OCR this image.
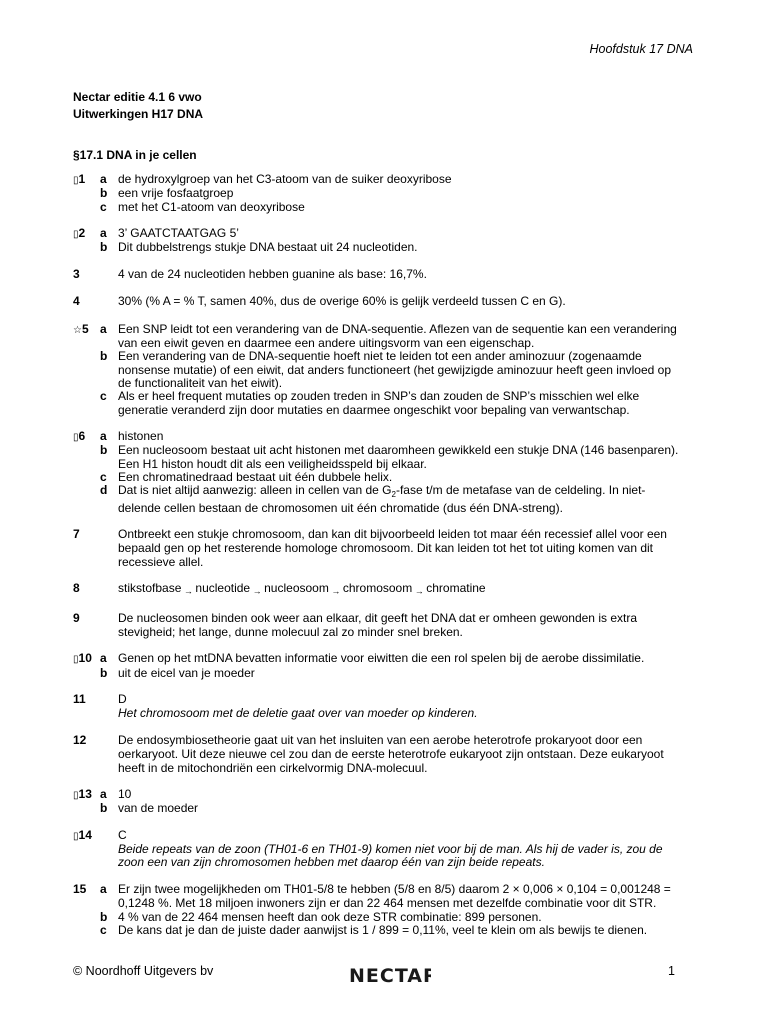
Hoofdstuk 17 DNA
Nectar editie 4.1 6 vwo
Uitwerkingen H17 DNA
§17.1 DNA in je cellen
▯1	a de hydroxylgroep van het C3-atoom van de suiker deoxyribose
b een vrije fosfaatgroep
c met het C1-atoom van deoxyribose
▯2	a 3’ GAATCTAATGAG 5’
b Dit dubbelstrengs stukje DNA bestaat uit 24 nucleotiden.
3	4 van de 24 nucleotiden hebben guanine als base: 16,7%.
4	30% (% A = % T, samen 40%, dus de overige 60% is gelijk verdeeld tussen C en G).
☆5 a Een SNP leidt tot een verandering van de DNA-sequentie. Aflezen van de sequentie kan een verandering
van een eiwit geven en daarmee een andere uitingsvorm van een eigenschap.
b Een verandering van de DNA-sequentie hoeft niet te leiden tot een ander aminozuur (zogenaamde
nonsense mutatie) of een eiwit, dat anders functioneert (het gewijzigde aminozuur heeft geen invloed op
de functionaliteit van het eiwit).
c Als er heel frequent mutaties op zouden treden in SNP’s dan zouden de SNP’s misschien wel elke
generatie veranderd zijn door mutaties en daarmee ongeschikt voor bepaling van verwantschap.
▯6	a histonen
b Een nucleosoom bestaat uit acht histonen met daaromheen gewikkeld een stukje DNA (146 basenparen).
Een H1 histon houdt dit als een veiligheidsspeld bij elkaar.
c Een chromatinedraad bestaat uit één dubbele helix.
d Dat is niet altijd aanwezig: alleen in cellen van de $G_2$-fase t/m de metafase van de celdeling. In niet-
delende cellen bestaan de chromosomen uit één chromatide (dus één DNA-streng).
7	Ontbreekt een stukje chromosoom, dan kan dit bijvoorbeeld leiden tot maar één recessief allel voor een
bepaald gen op het resterende homologe chromosoom. Dit kan leiden tot het tot uiting komen van dit
recessieve allel.
8	stikstofbase → nucleotide → nucleosoom → chromosoom → chromatine
9	De nucleosomen binden ook weer aan elkaar, dit geeft het DNA dat er omheen gewonden is extra
stevigheid; het lange, dunne molecuul zal zo minder snel breken.
▯10 a Genen op het mtDNA bevatten informatie voor eiwitten die een rol spelen bij de aerobe dissimilatie.
b uit de eicel van je moeder
11	D
Het chromosoom met de deletie gaat over van moeder op kinderen.
12	De endosymbiosetheorie gaat uit van het insluiten van een aerobe heterotrofe prokaryoot door een
oerkaryoot. Uit deze nieuwe cel zou dan de eerste heterotrofe eukaryoot zijn ontstaan. Deze eukaryoot
heeft in de mitochondriën een cirkelvormig DNA-molecuul.
▯13 a 10
b van de moeder
▯14	C
Beide repeats van de zoon (TH01-6 en TH01-9) komen niet voor bij de man. Als hij de vader is, zou de
zoon een van zijn chromosomen hebben met daarop één van zijn beide repeats.
15	a Er zijn twee mogelijkheden om TH01-5/8 te hebben (5/8 en 8/5) daarom 2 × 0,006 × 0,104 = 0,001248 =
0,1248 %. Met 18 miljoen inwoners zijn er dan 22 464 mensen met dezelfde combinatie voor dit STR.
b 4 % van de 22 464 mensen heeft dan ook deze STR combinatie: 899 personen.
c De kans dat je dan de juiste dader aanwijst is 1 / 899 = 0,11%, veel te klein om als bewijs te dienen.
© Noordhoff Uitgevers bv	NECTAR	1
